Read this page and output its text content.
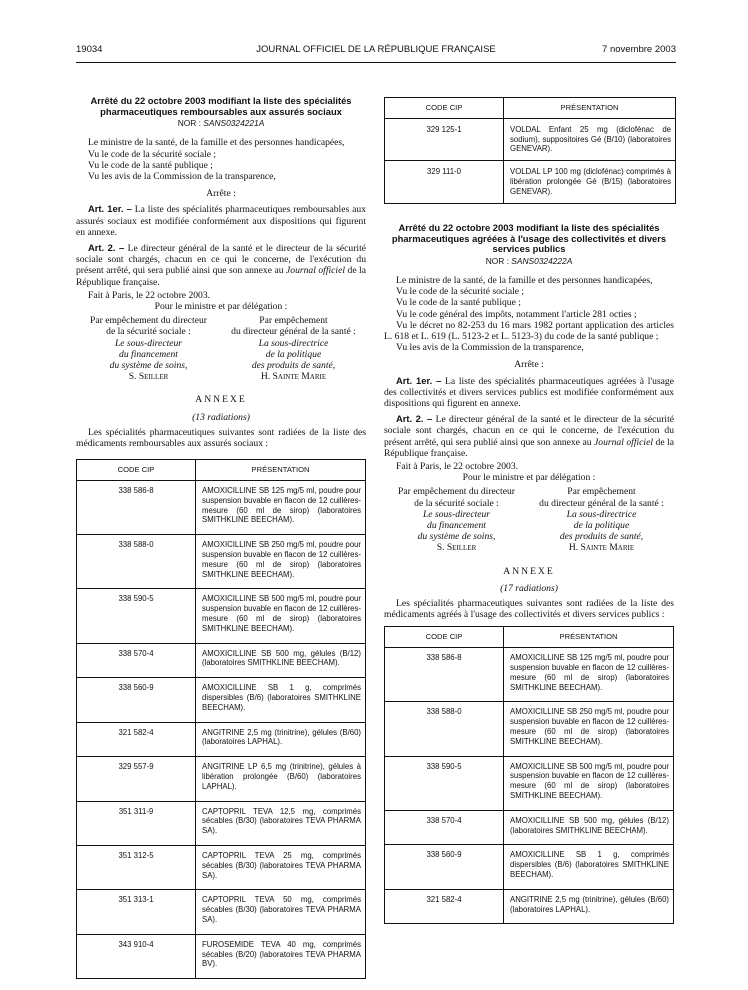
19034	JOURNAL OFFICIEL DE LA RÉPUBLIQUE FRANÇAISE	7 novembre 2003
Arrêté du 22 octobre 2003 modifiant la liste des spécialités pharmaceutiques remboursables aux assurés sociaux
NOR : SANS0324221A

Le ministre de la santé, de la famille et des personnes handicapées,

Vu le code de la sécurité sociale ;

Vu le code de la santé publique ;

Vu les avis de la Commission de la transparence,

Arrête :

Art. 1er. – La liste des spécialités pharmaceutiques remboursables aux assurés sociaux est modifiée conformément aux dispositions qui figurent en annexe.

Art. 2. – Le directeur général de la santé et le directeur de la sécurité sociale sont chargés, chacun en ce qui le concerne, de l'exécution du présent arrêté, qui sera publié ainsi que son annexe au Journal officiel de la République française.

Fait à Paris, le 22 octobre 2003.

Pour le ministre et par délégation :
Par empêchement du directeur
de la sécurité sociale :
Le sous-directeur
du financement
du système de soins,
S. Seiller
Par empêchement
du directeur général de la santé :
La sous-directrice
de la politique
des produits de santé,
H. Sainte Marie
ANNEXE
(13 radiations)

Les spécialités pharmaceutiques suivantes sont radiées de la liste des médicaments remboursables aux assurés sociaux :

CODE CIP	PRÉSENTATION
338 586-8	AMOXICILLINE SB 125 mg/5 ml, poudre pour suspension buvable en flacon de 12 cuillères-mesure (60 ml de sirop) (laboratoires SMITHKLINE BEECHAM).
338 588-0	AMOXICILLINE SB 250 mg/5 ml, poudre pour suspension buvable en flacon de 12 cuillères-mesure (60 ml de sirop) (laboratoires SMITHKLINE BEECHAM).
338 590-5	AMOXICILLINE SB 500 mg/5 ml, poudre pour suspension buvable en flacon de 12 cuillères-mesure (60 ml de sirop) (laboratoires SMITHKLINE BEECHAM).
338 570-4	AMOXICILLINE SB 500 mg, gélules (B/12) (laboratoires SMITHKLINE BEECHAM).
338 560-9	AMOXICILLINE SB 1 g, comprimés dispersibles (B/6) (laboratoires SMITHKLINE BEECHAM).
321 582-4	ANGITRINE 2,5 mg (trinitrine), gélules (B/60) (laboratoires LAPHAL).
329 557-9	ANGITRINE LP 6,5 mg (trinitrine), gélules à libération prolongée (B/60) (laboratoires LAPHAL).
351 311-9	CAPTOPRIL TEVA 12,5 mg, comprimés sécables (B/30) (laboratoires TEVA PHARMA SA).
351 312-5	CAPTOPRIL TEVA 25 mg, comprimés sécables (B/30) (laboratoires TEVA PHARMA SA).
351 313-1	CAPTOPRIL TEVA 50 mg, comprimés sécables (B/30) (laboratoires TEVA PHARMA SA).
343 910-4	FUROSEMIDE TEVA 40 mg, comprimés sécables (B/20) (laboratoires TEVA PHARMA BV).
CODE CIP	PRÉSENTATION
329 125-1	VOLDAL Enfant 25 mg (diclofénac de sodium), suppositoires Gé (B/10) (laboratoires GENEVAR).
329 111-0	VOLDAL LP 100 mg (diclofénac) comprimés à libération prolongée Gé (B/15) (laboratoires GENEVAR).
Arrêté du 22 octobre 2003 modifiant la liste des spécialités pharmaceutiques agréées à l'usage des collectivités et divers services publics
NOR : SANS0324222A

Le ministre de la santé, de la famille et des personnes handicapées,

Vu le code de la sécurité sociale ;

Vu le code de la santé publique ;

Vu le code général des impôts, notamment l'article 281 octies ;

Vu le décret no 82-253 du 16 mars 1982 portant application des articles L. 618 et L. 619 (L. 5123-2 et L. 5123-3) du code de la santé publique ;

Vu les avis de la Commission de la transparence,

Arrête :

Art. 1er. – La liste des spécialités pharmaceutiques agréées à l'usage des collectivités et divers services publics est modifiée conformément aux dispositions qui figurent en annexe.

Art. 2. – Le directeur général de la santé et le directeur de la sécurité sociale sont chargés, chacun en ce qui le concerne, de l'exécution du présent arrêté, qui sera publié ainsi que son annexe au Journal officiel de la République française.

Fait à Paris, le 22 octobre 2003.

Pour le ministre et par délégation :
Par empêchement du directeur
de la sécurité sociale :
Le sous-directeur
du financement
du système de soins,
S. Seiller
Par empêchement
du directeur général de la santé :
La sous-directrice
de la politique
des produits de santé,
H. Sainte Marie
ANNEXE
(17 radiations)

Les spécialités pharmaceutiques suivantes sont radiées de la liste des médicaments agréés à l'usage des collectivités et divers services publics :

CODE CIP	PRÉSENTATION
338 586-8	AMOXICILLINE SB 125 mg/5 ml, poudre pour suspension buvable en flacon de 12 cuillères-mesure (60 ml de sirop) (laboratoires SMITHKLINE BEECHAM).
338 588-0	AMOXICILLINE SB 250 mg/5 ml, poudre pour suspension buvable en flacon de 12 cuillères-mesure (60 ml de sirop) (laboratoires SMITHKLINE BEECHAM).
338 590-5	AMOXICILLINE SB 500 mg/5 ml, poudre pour suspension buvable en flacon de 12 cuillères-mesure (60 ml de sirop) (laboratoires SMITHKLINE BEECHAM).
338 570-4	AMOXICILLINE SB 500 mg, gélules (B/12) (laboratoires SMITHKLINE BEECHAM).
338 560-9	AMOXICILLINE SB 1 g, comprimés dispersibles (B/6) (laboratoires SMITHKLINE BEECHAM).
321 582-4	ANGITRINE 2,5 mg (trinitrine), gélules (B/60) (laboratoires LAPHAL).
